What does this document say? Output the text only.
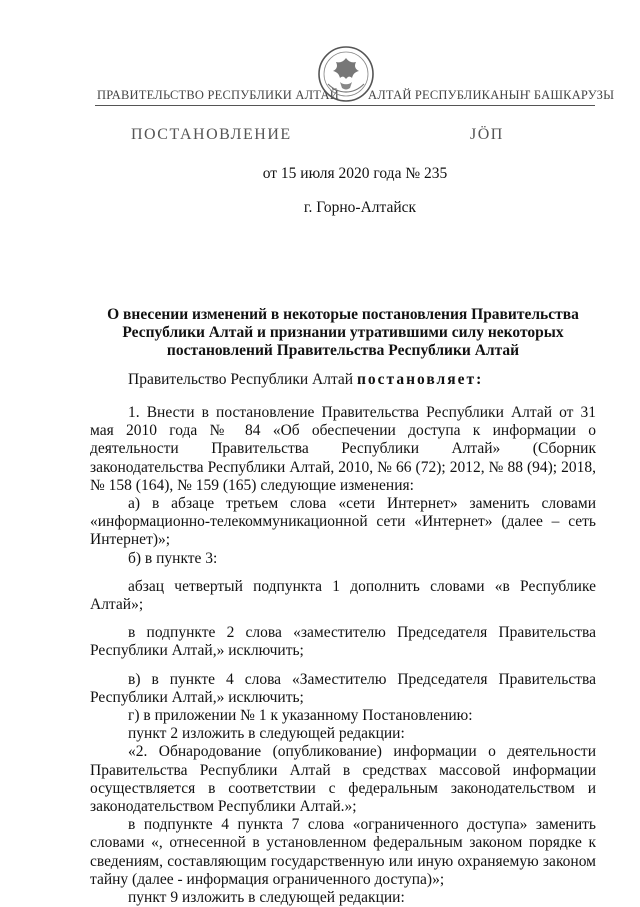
ПРАВИТЕЛЬСТВО РЕСПУБЛИКИ АЛТАЙ АЛТАЙ РЕСПУБЛИКАНЫҤ БАШКАРУЗЫ
ПОСТАНОВЛЕНИЕ	ЈӦП
от 15 июля 2020 года № 235
г. Горно-Алтайск
О внесении изменений в некоторые постановления Правительства Республики Алтай и признании утратившими силу некоторых постановлений Правительства Республики Алтай
Правительство Республики Алтай постановляет:

1. Внести в постановление Правительства Республики Алтай от 31 мая 2010 года № 84 «Об обеспечении доступа к информации о деятельности Правительства Республики Алтай» (Сборник законодательства Республики Алтай, 2010, № 66 (72); 2012, № 88 (94); 2018, № 158 (164), № 159 (165) следующие изменения:

а) в абзаце третьем слова «сети Интернет» заменить словами «информационно-телекоммуникационной сети «Интернет» (далее – сеть Интернет)»;

б) в пункте 3:

абзац четвертый подпункта 1 дополнить словами «в Республике Алтай»;

в подпункте 2 слова «заместителю Председателя Правительства Республики Алтай,» исключить;

в) в пункте 4 слова «Заместителю Председателя Правительства Республики Алтай,» исключить;

г) в приложении № 1 к указанному Постановлению:

пункт 2 изложить в следующей редакции:

«2. Обнародование (опубликование) информации о деятельности Правительства Республики Алтай в средствах массовой информации осуществляется в соответствии с федеральным законодательством и законодательством Республики Алтай.»;

в подпункте 4 пункта 7 слова «ограниченного доступа» заменить словами «, отнесенной в установленном федеральным законом порядке к сведениям, составляющим государственную или иную охраняемую законом тайну (далее - информация ограниченного доступа)»;

пункт 9 изложить в следующей редакции:
